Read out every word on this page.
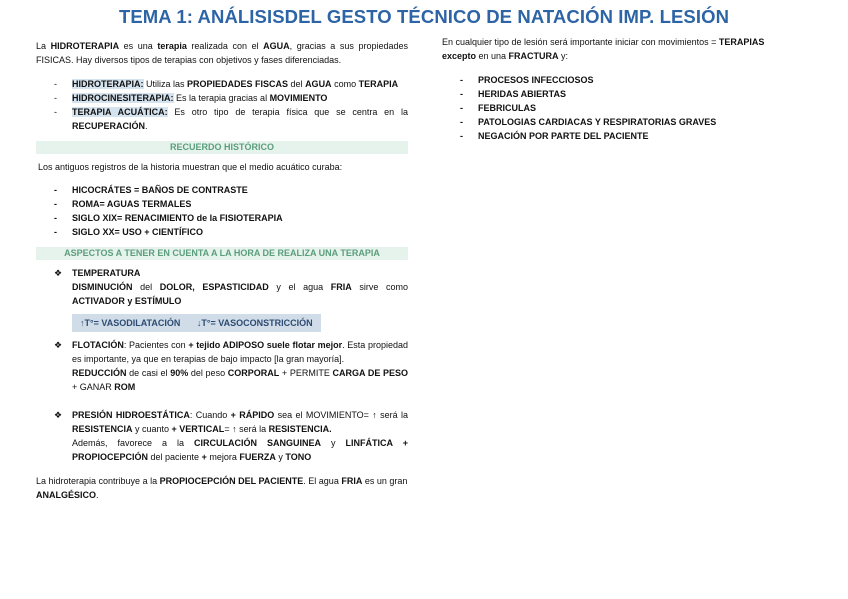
TEMA 1: ANÁLISISDEL GESTO TÉCNICO DE NATACIÓN IMP. LESIÓN

La HIDROTERAPIA es una terapia realizada con el AGUA, gracias a sus propiedades FISICAS. Hay diversos tipos de terapias con objetivos y fases diferenciadas.

- HIDROTERAPIA: Utiliza las PROPIEDADES FISCAS del AGUA como TERAPIA
- HIDROCINESITERAPIA: Es la terapia gracias al MOVIMIENTO
- TERAPIA ACUÁTICA: Es otro tipo de terapia física que se centra en la RECUPERACIÓN.
RECUERDO HISTÓRICO

Los antiguos registros de la historia muestran que el medio acuático curaba:

- HICOCRÁTES = BAÑOS DE CONTRASTE
- ROMA= AGUAS TERMALES
- SIGLO XIX= RENACIMIENTO de la FISIOTERAPIA
- SIGLO XX= USO + CIENTÍFICO
ASPECTOS A TENER EN CUENTA A LA HORA DE REALIZA UNA TERAPIA
❖ TEMPERATURA

DISMINUCIÓN del DOLOR, ESPASTICIDAD y el agua FRIA sirve como ACTIVADOR y ESTÍMULO

↑T°= VASODILATACIÓN ↓T°= VASOCONSTRICCIÓN
❖ FLOTACIÓN: Pacientes con + tejido ADIPOSO suele flotar mejor. Esta propiedad es importante, ya que en terapias de bajo impacto [la gran mayoría].

REDUCCIÓN de casi el 90% del peso CORPORAL + PERMITE CARGA DE PESO + GANAR ROM

❖ PRESIÓN HIDROESTÁTICA: Cuando + RÁPIDO sea el MOVIMIENTO= ↑ será la RESISTENCIA y cuanto + VERTICAL= ↑ será la RESISTENCIA.

Además, favorece a la CIRCULACIÓN SANGUINEA y LINFÁTICA + PROPIOCEPCIÓN del paciente + mejora FUERZA y TONO

La hidroterapia contribuye a la PROPIOCEPCIÓN DEL PACIENTE. El agua FRIA es un gran ANALGÉSICO.

En cualquier tipo de lesión será importante iniciar con movimientos = TERAPIAS excepto en una FRACTURA y:

- PROCESOS INFECCIOSOS
- HERIDAS ABIERTAS
- FEBRICULAS
- PATOLOGIAS CARDIACAS Y RESPIRATORIAS GRAVES
- NEGACIÓN POR PARTE DEL PACIENTE
